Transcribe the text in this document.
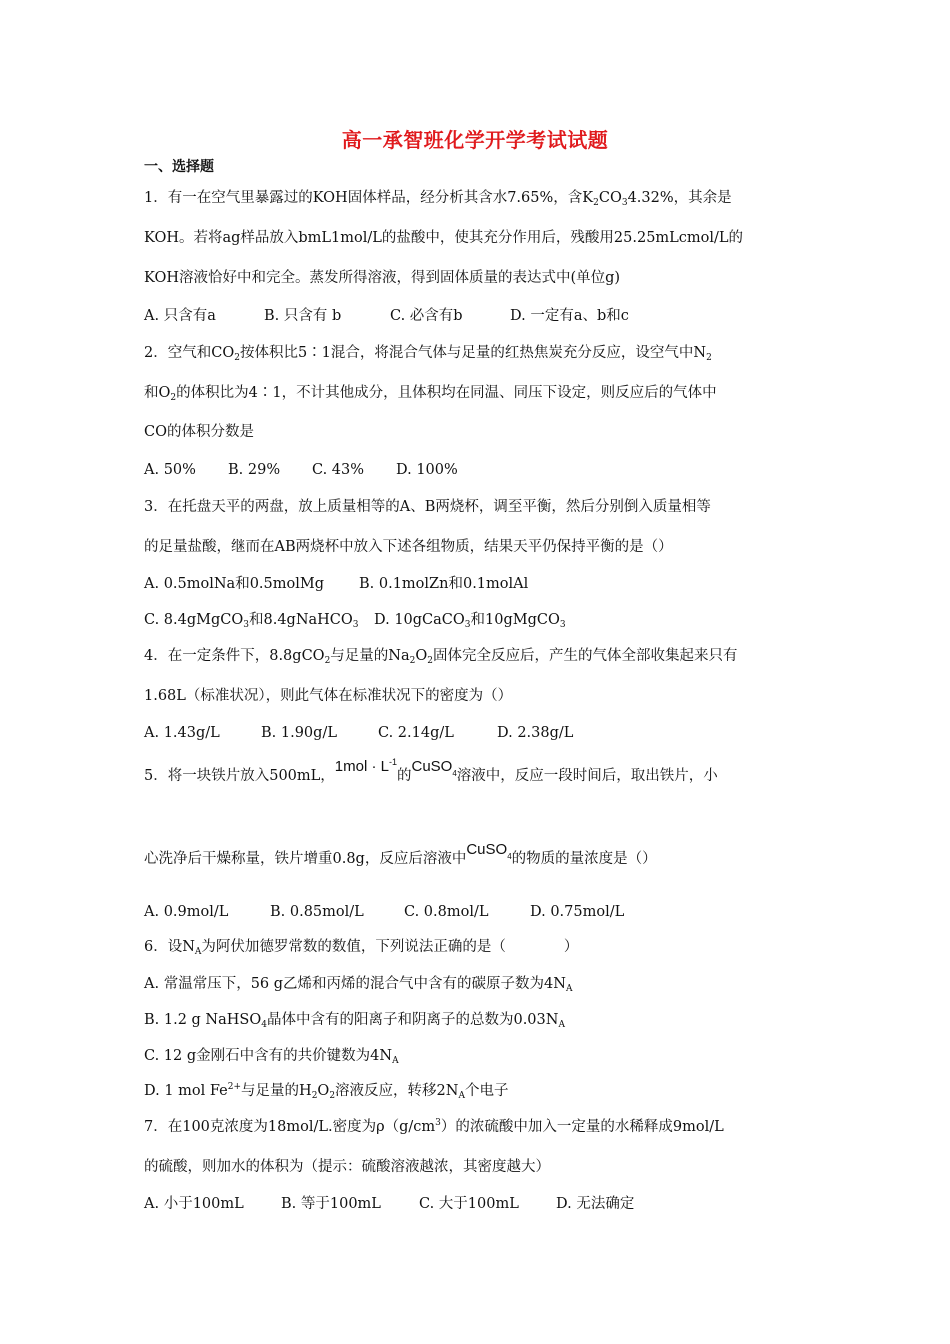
高一承智班化学开学考试试题
一、选择题
1．有一在空气里暴露过的KOH固体样品，经分析其含水7.65%，含$K_2CO_34.32\%$，其余是
KOH。若将ag样品放入bmL1mol/L的盐酸中，使其充分作用后，残酸用25.25mLcmol/L的
KOH溶液恰好中和完全。蒸发所得溶液，得到固体质量的表达式中(单位g)
A. 只含有a	B. 只含有 b	C. 必含有b	D. 一定有a、b和c
2．空气和$CO_2$按体积比5∶1混合，将混合气体与足量的红热焦炭充分反应，设空气中$N_2$
和$O_2$的体积比为4∶1，不计其他成分，且体积均在同温、同压下设定，则反应后的气体中
CO的体积分数是
A. 50% B. 29% C. 43% D. 100%
3．在托盘天平的两盘，放上质量相等的A、B两烧杯，调至平衡，然后分别倒入质量相等
的足量盐酸，继而在AB两烧杯中放入下述各组物质，结果天平仍保持平衡的是（）
A. 0.5molNa和0.5molMg B. 0.1molZn和0.1molAl
C. 8.4gMgCO$_3$和8.4gNaHCO$_3$ D. 10gCaCO$_3$和10gMgCO$_3$
4．在一定条件下，8.8gCO$_2$与足量的$Na_2O_2$固体完全反应后，产生的气体全部收集起来只有
1.68L（标准状况），则此气体在标准状况下的密度为（）
A. 1.43g/L	B. 1.90g/L	C. 2.14g/L	D. 2.38g/L
5．将一块铁片放入500mL，$1mol \cdot L^{-1}$的CuSO$_4$溶液中，反应一段时间后，取出铁片，小
心洗净后干燥称量，铁片增重0.8g，反应后溶液中CuSO$_4$的物质的量浓度是（）
A. 0.9mol/L	B. 0.85mol/L	C. 0.8mol/L	D. 0.75mol/L
6．设$N_A$为阿伏加德罗常数的数值，下列说法正确的是（　　　　）
A. 常温常压下，56 g乙烯和丙烯的混合气中含有的碳原子数为$4N_A$
B. 1.2 g NaHSO$_4$晶体中含有的阳离子和阴离子的总数为$0.03N_A$
C. 12 g金刚石中含有的共价键数为$4N_A$
D. 1 mol $Fe^{2+}$与足量的$H_2O_2$溶液反应，转移$2N_A$个电子
7．在100克浓度为18mol/L.密度为$\rho(g/cm^3)$的浓硫酸中加入一定量的水稀释成9mol/L
的硫酸，则加水的体积为（提示：硫酸溶液越浓，其密度越大）
A. 小于100mL	B. 等于100mL	C. 大于100mL	D. 无法确定
